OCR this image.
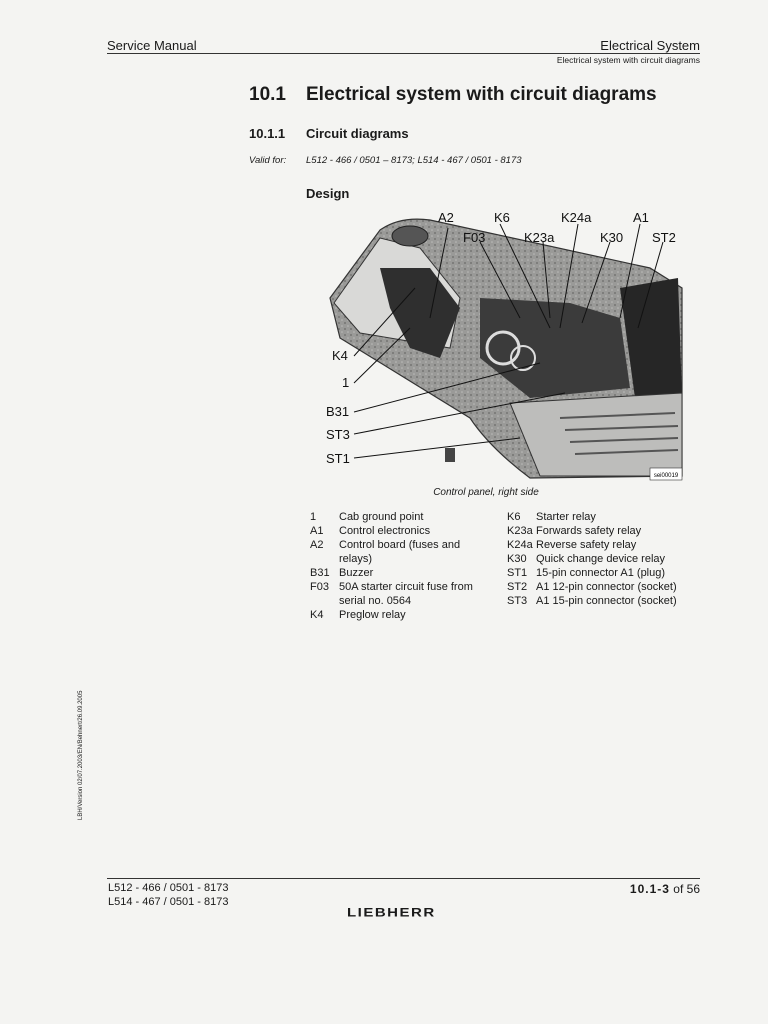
Service Manual	Electrical System
Electrical system with circuit diagrams
10.1 Electrical system with circuit diagrams
10.1.1 Circuit diagrams
Valid for: L512 - 466 / 0501 – 8173; L514 - 467 / 0501 - 8173
Design
sei00019
A2	K6	K24a	A1
F03	K23a	K30 ST2
K4
1
B31
ST3
ST1
Control panel, right side
1	Cab ground point
A1	Control electronics
A2	Control board (fuses and relays)
B31 Buzzer
F03 50A starter circuit fuse from serial no. 0564
K4	Preglow relay
K6	Starter relay
K23a Forwards safety relay
K24a Reverse safety relay
K30 Quick change device relay
ST1 15-pin connector A1 (plug)
ST2 A1 12-pin connector (socket)
ST3 A1 15-pin connector (socket)
LBH/Version 02/07.2003/EN/Behnert/26.09.2005
L512 - 466 / 0501 - 8173
L514 - 467 / 0501 - 8173
10.1-3 of 56
LIEBHERR
